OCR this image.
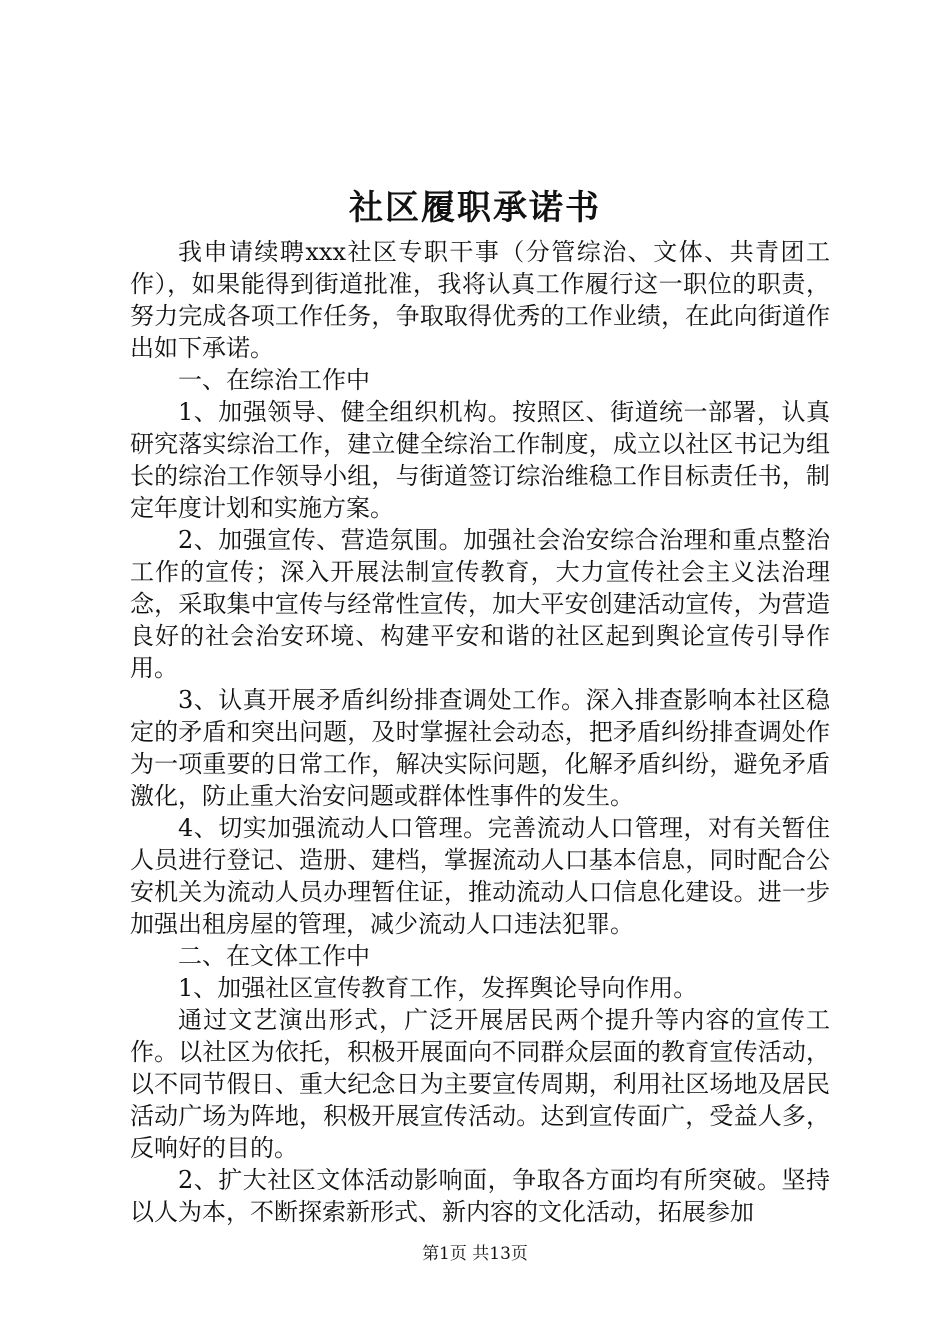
社区履职承诺书

我申请续聘xxx社区专职干事（分管综治、文体、共青团工作），如果能得到街道批准，我将认真工作履行这一职位的职责，努力完成各项工作任务，争取取得优秀的工作业绩，在此向街道作出如下承诺。

一、在综治工作中

1、加强领导、健全组织机构。按照区、街道统一部署，认真研究落实综治工作，建立健全综治工作制度，成立以社区书记为组长的综治工作领导小组，与街道签订综治维稳工作目标责任书，制定年度计划和实施方案。

2、加强宣传、营造氛围。加强社会治安综合治理和重点整治工作的宣传；深入开展法制宣传教育，大力宣传社会主义法治理念，采取集中宣传与经常性宣传，加大平安创建活动宣传，为营造良好的社会治安环境、构建平安和谐的社区起到舆论宣传引导作用。

3、认真开展矛盾纠纷排查调处工作。深入排查影响本社区稳定的矛盾和突出问题，及时掌握社会动态，把矛盾纠纷排查调处作为一项重要的日常工作，解决实际问题，化解矛盾纠纷，避免矛盾激化，防止重大治安问题或群体性事件的发生。

4、切实加强流动人口管理。完善流动人口管理，对有关暂住人员进行登记、造册、建档，掌握流动人口基本信息，同时配合公安机关为流动人员办理暂住证，推动流动人口信息化建设。进一步加强出租房屋的管理，减少流动人口违法犯罪。

二、在文体工作中

1、加强社区宣传教育工作，发挥舆论导向作用。

通过文艺演出形式，广泛开展居民两个提升等内容的宣传工作。以社区为依托，积极开展面向不同群众层面的教育宣传活动，以不同节假日、重大纪念日为主要宣传周期，利用社区场地及居民活动广场为阵地，积极开展宣传活动。达到宣传面广，受益人多，反响好的目的。

2、扩大社区文体活动影响面，争取各方面均有所突破。坚持以人为本，不断探索新形式、新内容的文化活动，拓展参加

第1页 共13页
